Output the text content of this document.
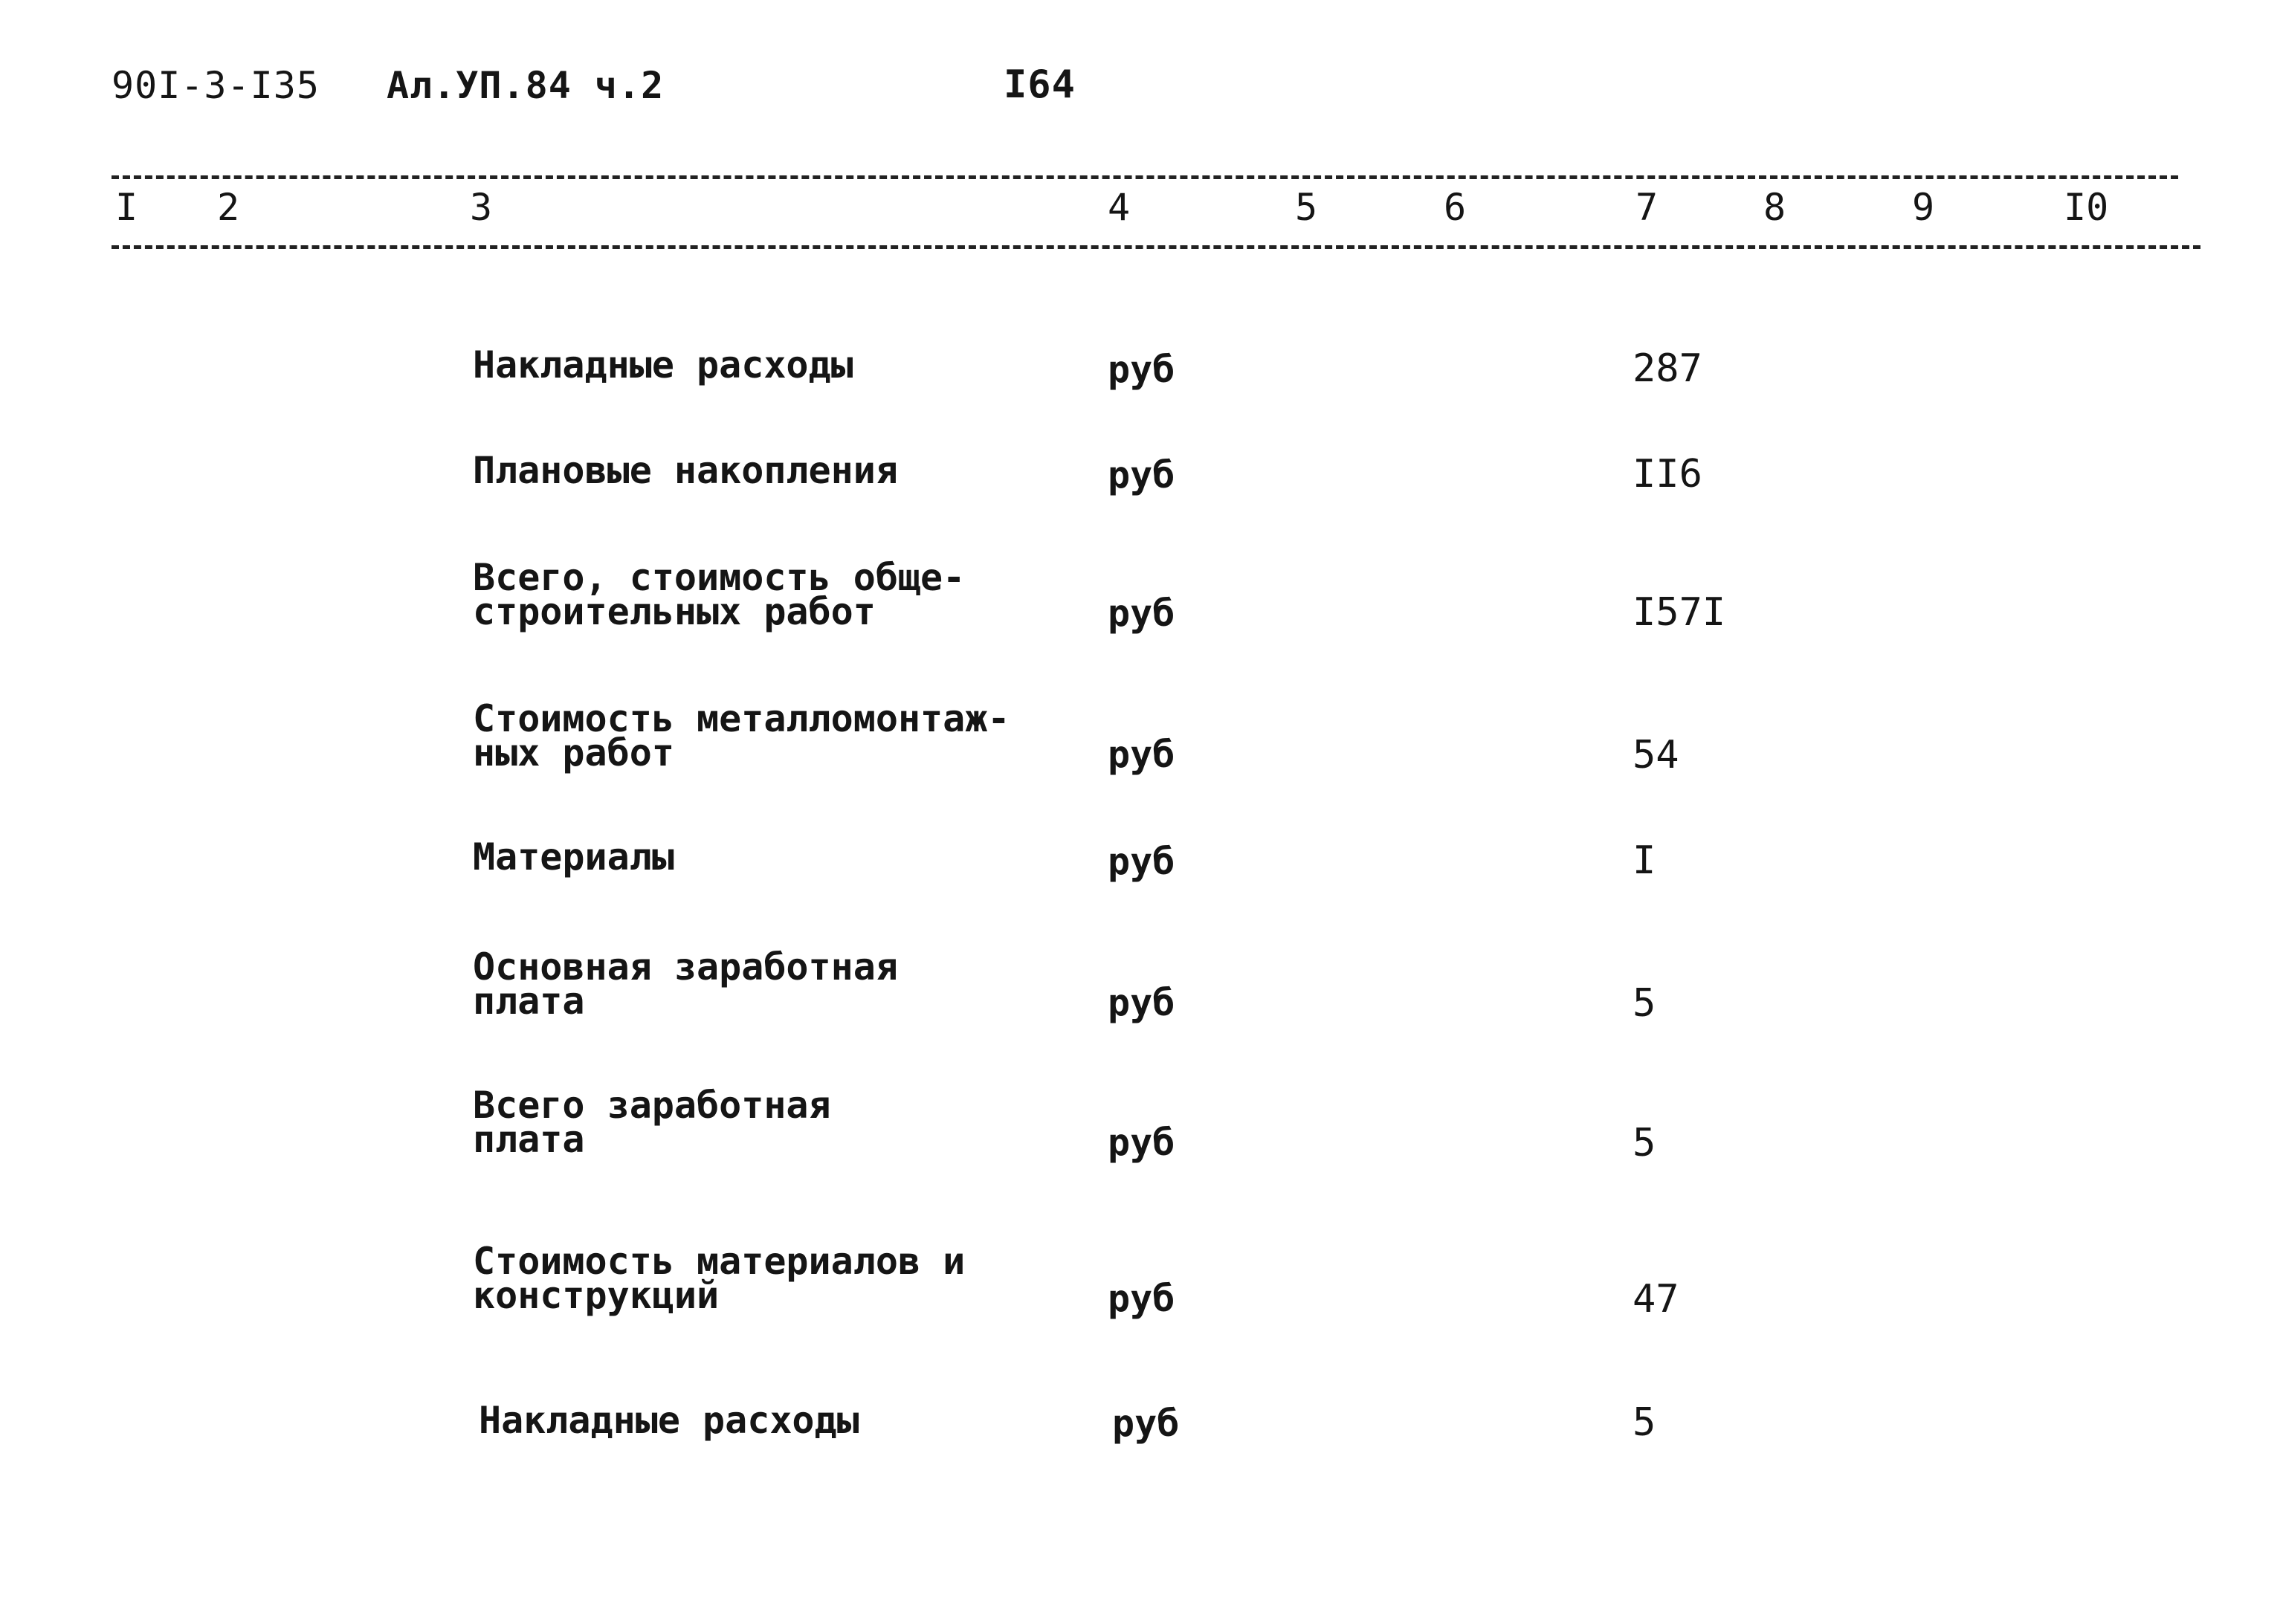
90I-3-I35 Ал.УП.84 ч.2	I64
I 2	3	4	5	6	7	8	9	I0
Накладные расходы	руб	287
Плановые накопления	руб	II6
Всего, стоимость обще-
строительных работ	руб	I57I
Стоимость металломонтаж-
ных работ	руб	54
Материалы	руб	I
Основная заработная
плата	руб	5
Всего заработная
плата	руб	5
Стоимость материалов и
конструкций	руб	47
Накладные расходы	руб	5
